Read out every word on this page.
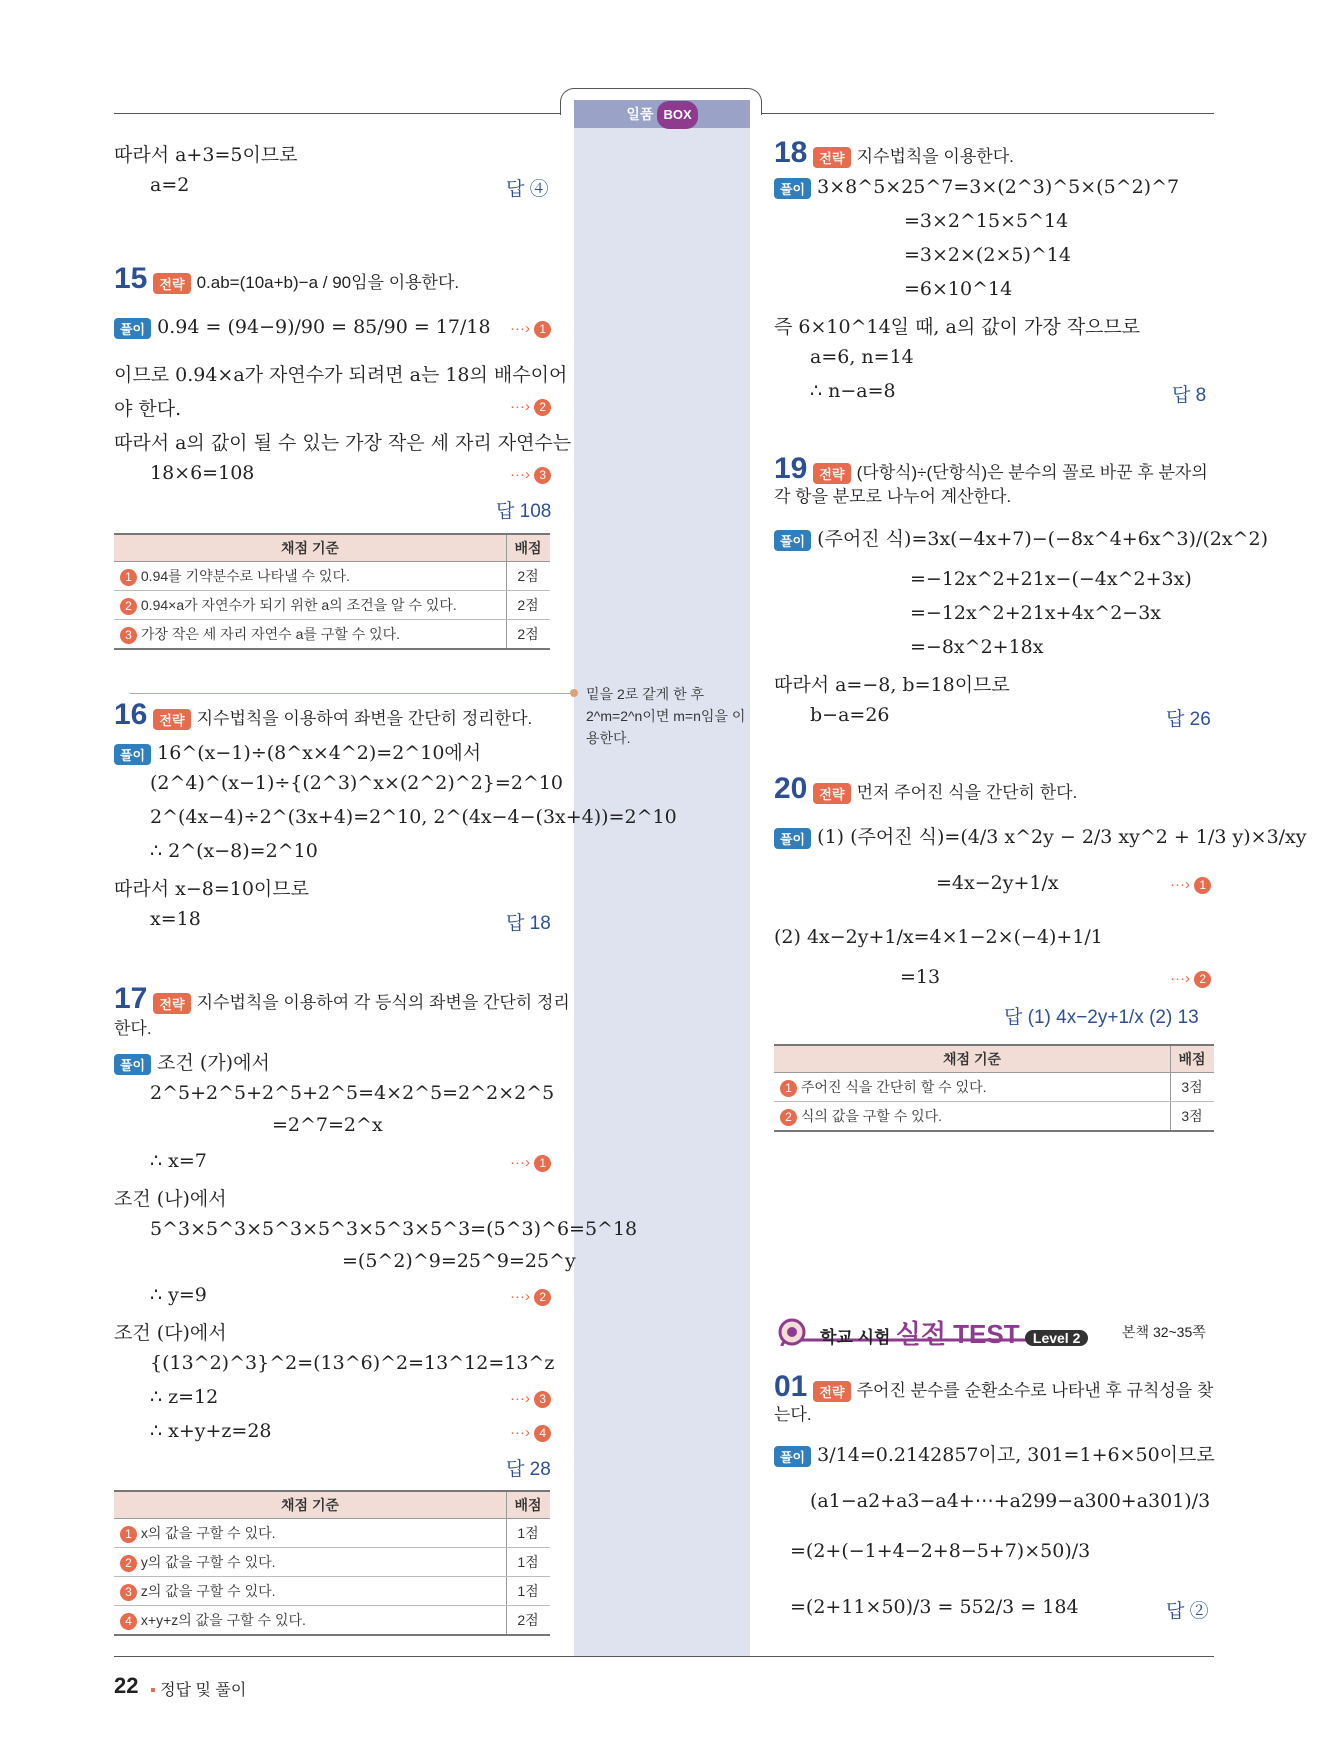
일품 BOX
밑을 2로 같게 한 후 2^m=2^n이면 m=n임을 이용한다.
따라서 a+3=5이므로
a=2	답 ④
15 전략 0.ab=(10a+b)−a / 90임을 이용한다.
풀이 0.94 = (94−9)/90 = 85/90 = 17/18 ···› 1
이므로 0.94×a가 자연수가 되려면 a는 18의 배수이어
야 한다.	···› 2
따라서 a의 값이 될 수 있는 가장 작은 세 자리 자연수는
18×6=108	···› 3
답 108
채점 기준	배점
1 0.94를 기약분수로 나타낼 수 있다.	2점
2 0.94×a가 자연수가 되기 위한 a의 조건을 알 수 있다.	2점
3 가장 작은 세 자리 자연수 a를 구할 수 있다.	2점
16 전략 지수법칙을 이용하여 좌변을 간단히 정리한다.
풀이 16^(x−1)÷(8^x×4^2)=2^10에서
(2^4)^(x−1)÷{(2^3)^x×(2^2)^2}=2^10
2^(4x−4)÷2^(3x+4)=2^10, 2^(4x−4−(3x+4))=2^10
∴ 2^(x−8)=2^10
따라서 x−8=10이므로
x=18	답 18
17 전략 지수법칙을 이용하여 각 등식의 좌변을 간단히 정리
한다.
풀이 조건 (가)에서
2^5+2^5+2^5+2^5=4×2^5=2^2×2^5
=2^7=2^x
∴ x=7	···› 1
조건 (나)에서
5^3×5^3×5^3×5^3×5^3×5^3=(5^3)^6=5^18
=(5^2)^9=25^9=25^y
∴ y=9	···› 2
조건 (다)에서
{(13^2)^3}^2=(13^6)^2=13^12=13^z
∴ z=12	···› 3
∴ x+y+z=28	···› 4
답 28
채점 기준	배점
1 x의 값을 구할 수 있다.	1점
2 y의 값을 구할 수 있다.	1점
3 z의 값을 구할 수 있다.	1점
4 x+y+z의 값을 구할 수 있다.	2점
18 전략 지수법칙을 이용한다.
풀이 3×8^5×25^7=3×(2^3)^5×(5^2)^7
=3×2^15×5^14
=3×2×(2×5)^14
=6×10^14
즉 6×10^14일 때, a의 값이 가장 작으므로
a=6, n=14
∴ n−a=8	답 8
19 전략 (다항식)÷(단항식)은 분수의 꼴로 바꾼 후 분자의
각 항을 분모로 나누어 계산한다.
풀이 (주어진 식)=3x(−4x+7)−(−8x^4+6x^3)/(2x^2)
=−12x^2+21x−(−4x^2+3x)
=−12x^2+21x+4x^2−3x
=−8x^2+18x
따라서 a=−8, b=18이므로
b−a=26	답 26
20 전략 먼저 주어진 식을 간단히 한다.
풀이 (1) (주어진 식)=(4/3 x^2y − 2/3 xy^2 + 1/3 y)×3/xy
=4x−2y+1/x	···› 1
(2) 4x−2y+1/x=4×1−2×(−4)+1/1
=13	···› 2
답 (1) 4x−2y+1/x (2) 13
채점 기준	배점
1 주어진 식을 간단히 할 수 있다.	3점
2 식의 값을 구할 수 있다.	3점
학교 시험 실전 TEST Level 2	본책 32~35쪽
01 전략 주어진 분수를 순환소수로 나타낸 후 규칙성을 찾
는다.
풀이 3/14=0.2142857이고, 301=1+6×50이므로
(a1−a2+a3−a4+⋯+a299−a300+a301)/3
=(2+(−1+4−2+8−5+7)×50)/3
=(2+11×50)/3 = 552/3 = 184	답 ②
22 ▪ 정답 및 풀이
